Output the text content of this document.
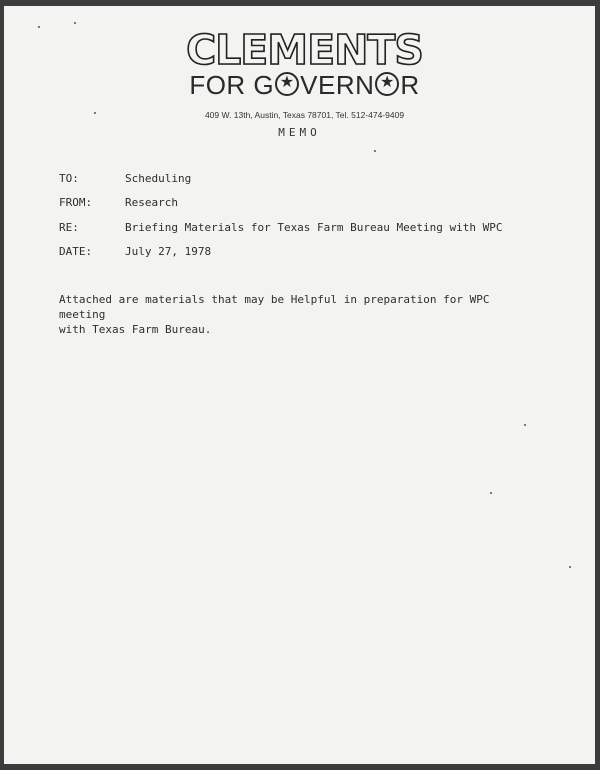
CLEMENTS
FOR G ★ VERN ★ R
409 W. 13th, Austin, Texas 78701, Tel. 512-474-9409
MEMO
TO:	Scheduling
FROM:	Research
RE:	Briefing Materials for Texas Farm Bureau Meeting with WPC
DATE:	July 27, 1978
Attached are materials that may be Helpful in preparation for WPC meeting
with Texas Farm Bureau.
